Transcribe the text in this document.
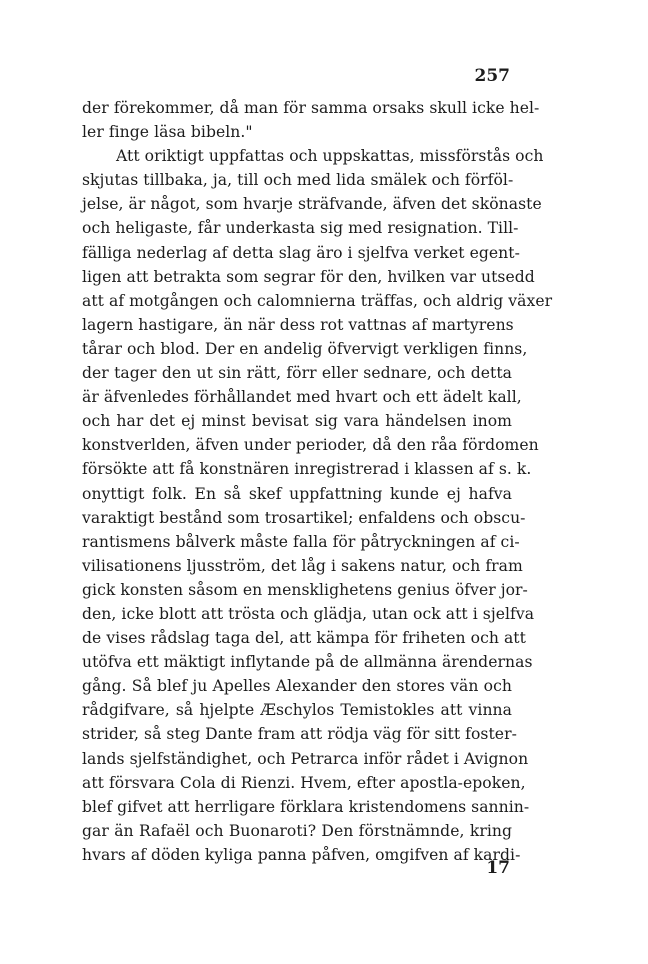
257
der förekommer, då man för samma orsaks skull icke hel-
ler finge läsa bibeln."
Att oriktigt uppfattas och uppskattas, missförstås och
skjutas tillbaka, ja, till och med lida smälek och förföl-
jelse, är något, som hvarje sträfvande, äfven det skönaste
och heligaste, får underkasta sig med resignation. Till-
fälliga nederlag af detta slag äro i sjelfva verket egent-
ligen att betrakta som segrar för den, hvilken var utsedd
att af motgången och calomnierna träffas, och aldrig växer
lagern hastigare, än när dess rot vattnas af martyrens
tårar och blod. Der en andelig öfvervigt verkligen finns,
der tager den ut sin rätt, förr eller sednare, och detta
är äfvenledes förhållandet med hvart och ett ädelt kall,
och har det ej minst bevisat sig vara händelsen inom
konstverlden, äfven under perioder, då den råa fördomen
försökte att få konstnären inregistrerad i klassen af s. k.
onyttigt folk. En så skef uppfattning kunde ej hafva
varaktigt bestånd som trosartikel; enfaldens och obscu-
rantismens bålverk måste falla för påtryckningen af ci-
vilisationens ljusström, det låg i sakens natur, och fram
gick konsten såsom en mensklighetens genius öfver jor-
den, icke blott att trösta och glädja, utan ock att i sjelfva
de vises rådslag taga del, att kämpa för friheten och att
utöfva ett mäktigt inflytande på de allmänna ärendernas
gång. Så blef ju Apelles Alexander den stores vän och
rådgifvare, så hjelpte Æschylos Temistokles att vinna
strider, så steg Dante fram att rödja väg för sitt foster-
lands sjelfständighet, och Petrarca inför rådet i Avignon
att försvara Cola di Rienzi. Hvem, efter apostla-epoken,
blef gifvet att herrligare förklara kristendomens sannin-
gar än Rafaël och Buonaroti? Den förstnämnde, kring
hvars af döden kyliga panna påfven, omgifven af kardi-
17
